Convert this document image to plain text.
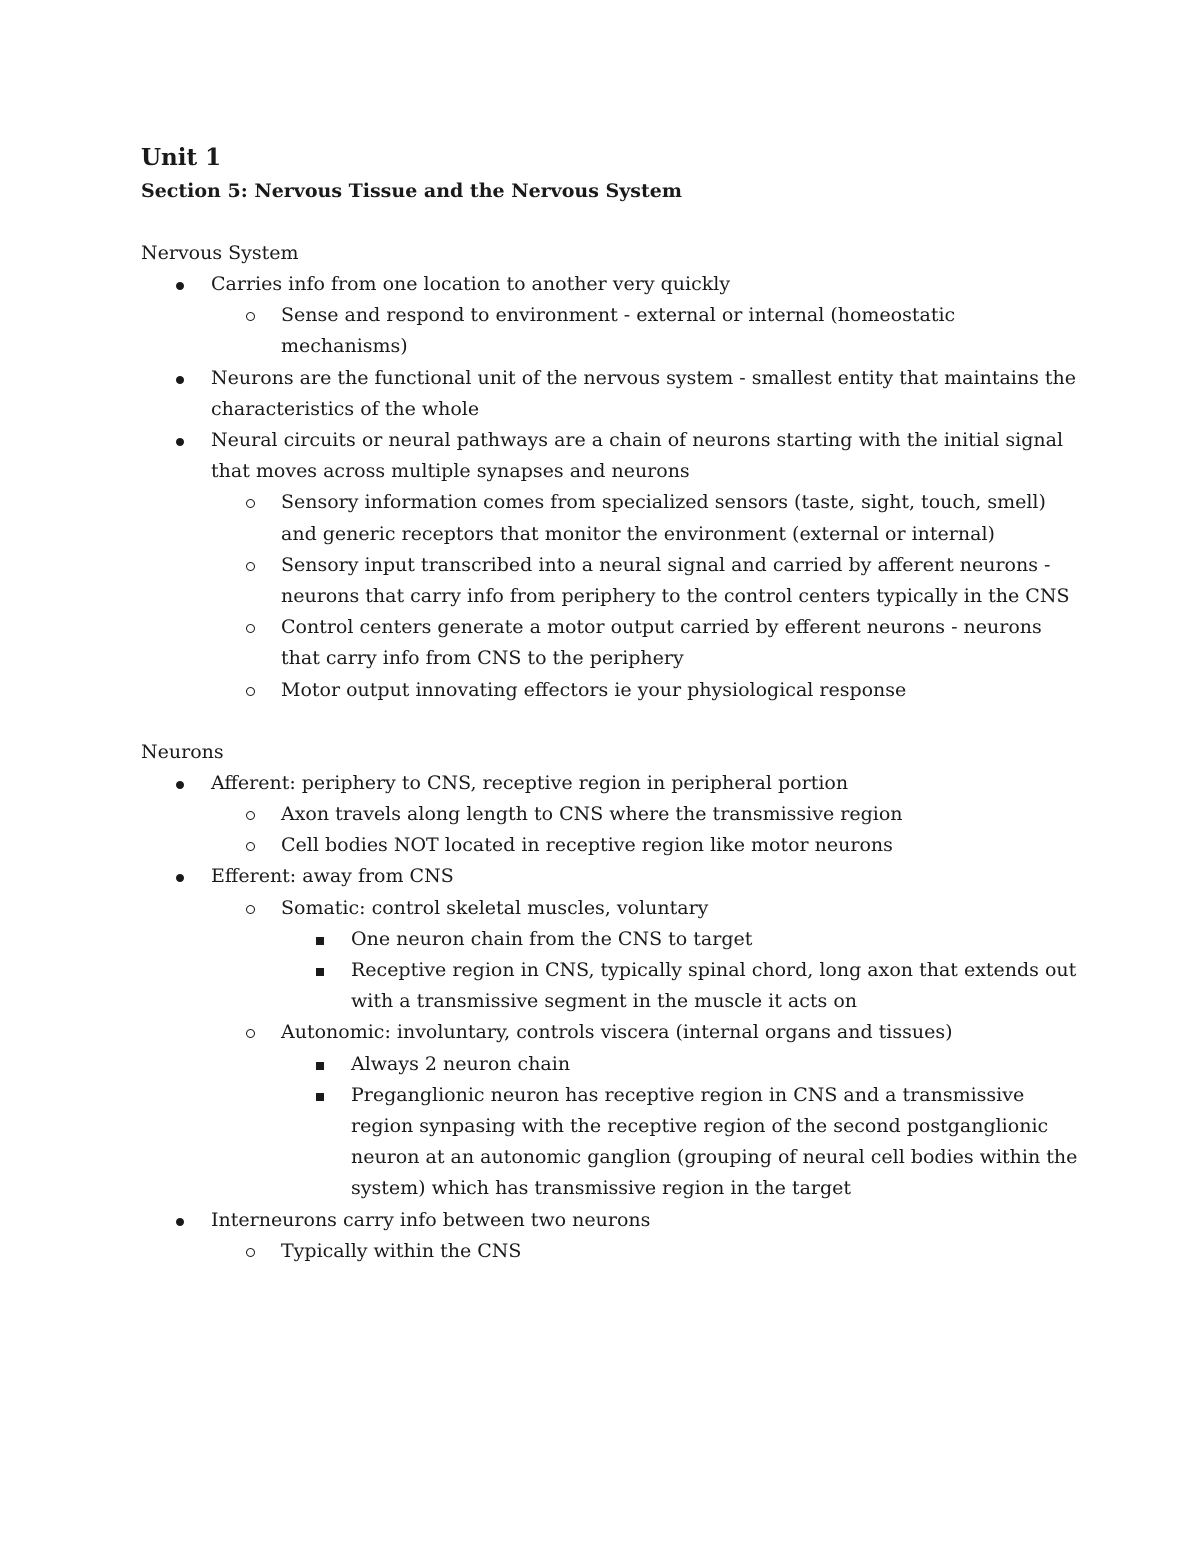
Unit 1
Section 5: Nervous Tissue and the Nervous System
Nervous System
Carries info from one location to another very quickly
Sense and respond to environment - external or internal (homeostatic mechanisms)
Neurons are the functional unit of the nervous system - smallest entity that maintains the characteristics of the whole
Neural circuits or neural pathways are a chain of neurons starting with the initial signal that moves across multiple synapses and neurons
Sensory information comes from specialized sensors (taste, sight, touch, smell) and generic receptors that monitor the environment (external or internal)
Sensory input transcribed into a neural signal and carried by afferent neurons - neurons that carry info from periphery to the control centers typically in the CNS
Control centers generate a motor output carried by efferent neurons - neurons that carry info from CNS to the periphery
Motor output innovating effectors ie your physiological response
Neurons
Afferent: periphery to CNS, receptive region in peripheral portion
Axon travels along length to CNS where the transmissive region
Cell bodies NOT located in receptive region like motor neurons
Efferent: away from CNS
Somatic: control skeletal muscles, voluntary
One neuron chain from the CNS to target
Receptive region in CNS, typically spinal chord, long axon that extends out with a transmissive segment in the muscle it acts on
Autonomic: involuntary, controls viscera (internal organs and tissues)
Always 2 neuron chain
Preganglionic neuron has receptive region in CNS and a transmissive region synpasing with the receptive region of the second postganglionic neuron at an autonomic ganglion (grouping of neural cell bodies within the system) which has transmissive region in the target
Interneurons carry info between two neurons
Typically within the CNS
